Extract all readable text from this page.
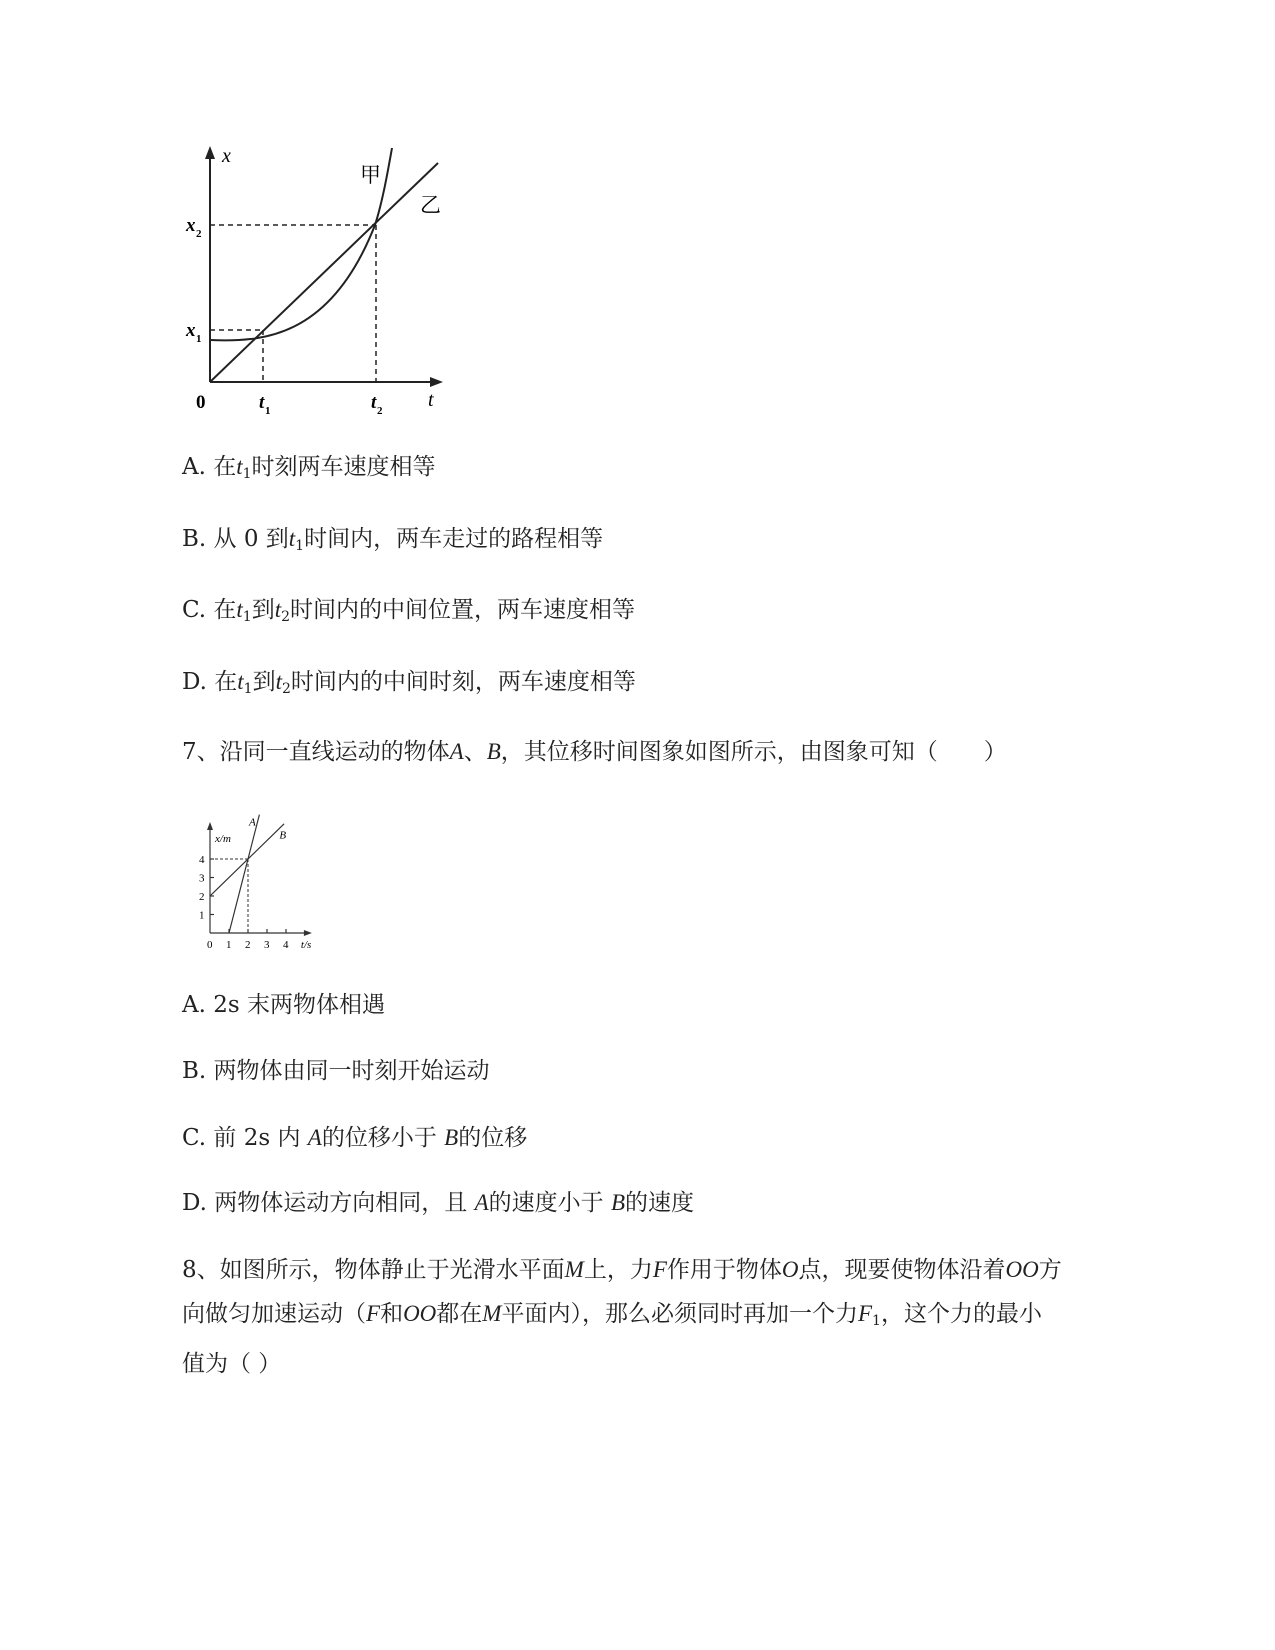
x
t
0
x 1
x 2
t 1	t 2
甲
乙
A. 在$t_1$时刻两车速度相等
B. 从 0 到$t_1$时间内，两车走过的路程相等
C. 在$t_1$到$t_2$时间内的中间位置，两车速度相等
D. 在$t_1$到$t_2$时间内的中间时刻，两车速度相等
7、沿同一直线运动的物体A、B，其位移时间图象如图所示，由图象可知（　　）
1
2
3
4
0 1 2 3 4
x/m
t/s
A
B
A. 2s 末两物体相遇
B. 两物体由同一时刻开始运动
C. 前 2s 内 A的位移小于 B的位移
D. 两物体运动方向相同，且 A的速度小于 B的速度
8、如图所示，物体静止于光滑水平面M上，力F作用于物体O点，现要使物体沿着OO方向做匀加速运动（F和OO都在M平面内），那么必须同时再加一个力$F_1$，这个力的最小值为（ ）
